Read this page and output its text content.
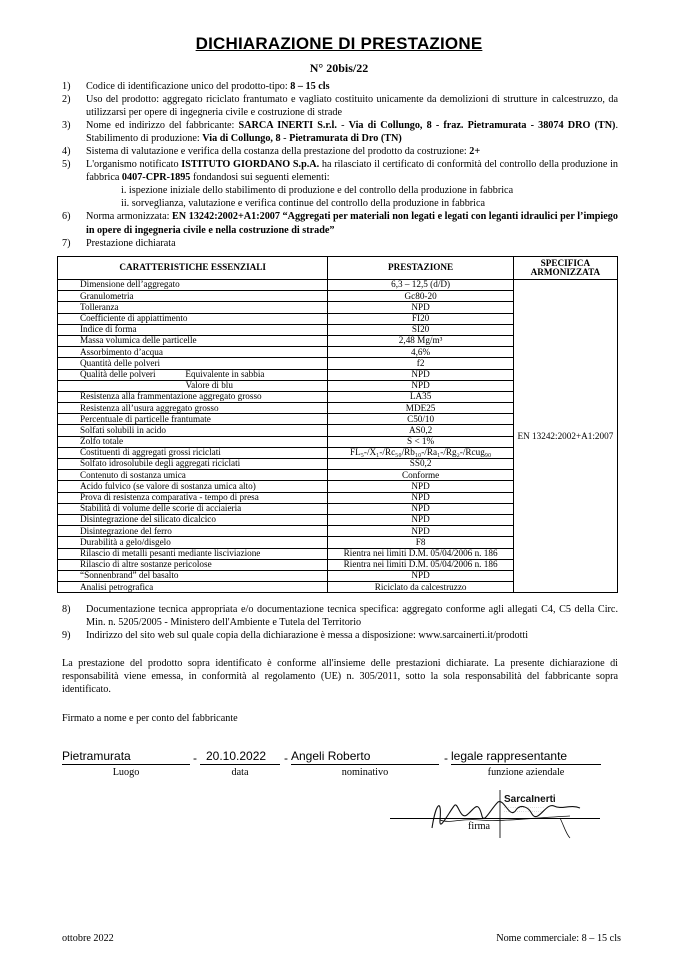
DICHIARAZIONE DI PRESTAZIONE
N° 20bis/22
1)	Codice di identificazione unico del prodotto-tipo: 8 – 15 cls
2)	Uso del prodotto: aggregato riciclato frantumato e vagliato costituito unicamente da demolizioni di strutture in calcestruzzo, da utilizzarsi per opere di ingegneria civile e costruzione di strade
3)	Nome ed indirizzo del fabbricante: SARCA INERTI S.r.l. - Via di Collungo, 8 - fraz. Pietramurata - 38074 DRO (TN). Stabilimento di produzione: Via di Collungo, 8 - Pietramurata di Dro (TN)
4)	Sistema di valutazione e verifica della costanza della prestazione del prodotto da costruzione: 2+
5)	L'organismo notificato ISTITUTO GIORDANO S.p.A. ha rilasciato il certificato di conformità del controllo della produzione in fabbrica 0407-CPR-1895 fondandosi sui seguenti elementi:
i. ispezione iniziale dello stabilimento di produzione e del controllo della produzione in fabbrica
ii. sorveglianza, valutazione e verifica continue del controllo della produzione in fabbrica
6)	Norma armonizzata: EN 13242:2002+A1:2007 “Aggregati per materiali non legati e legati con leganti idraulici per l’impiego in opere di ingegneria civile e nella costruzione di strade”
7)	Prestazione dichiarata
CARATTERISTICHE ESSENZIALI	PRESTAZIONE	SPECIFICA ARMONIZZATA
Dimensione dell’aggregato	6,3 – 12,5 (d/D)	EN 13242:2002+A1:2007
Granulometria	Gc80-20	
Tolleranza	NPD	
Coefficiente di appiattimento	FI20	
Indice di forma	SI20	
Massa volumica delle particelle	2,48 Mg/m³	
Assorbimento d’acqua	4,6%	
Quantità delle polveri	f2	
Qualità delle polveri             Equivalente in sabbia	NPD	
Valore di blu	NPD	
Resistenza alla frammentazione aggregato grosso	LA35	
Resistenza all’usura aggregato grosso	MDE25	
Percentuale di particelle frantumate	C50/10	
Solfati solubili in acido	AS0,2	
Zolfo totale	S < 1%	
Costituenti di aggregati grossi riciclati	FL₅-/X₁-/Rc₅₀/Rb₁₀-/Ra₁-/Rg₂-/Rcug₉₀	
Solfato idrosolubile degli aggregati riciclati	SS0,2	
Contenuto di sostanza umica	Conforme	
Acido fulvico (se valore di sostanza umica alto)	NPD	
Prova di resistenza comparativa - tempo di presa	NPD	
Stabilità di volume delle scorie di acciaieria	NPD	
Disintegrazione del silicato dicalcico	NPD	
Disintegrazione del ferro	NPD	
Durabilità a gelo/disgelo	F8	
Rilascio di metalli pesanti mediante lisciviazione	Rientra nei limiti D.M. 05/04/2006 n. 186	
Rilascio di altre sostanze pericolose	Rientra nei limiti D.M. 05/04/2006 n. 186	
“Sonnenbrand” del basalto	NPD	
Analisi petrografica	Riciclato da calcestruzzo	
8)	Documentazione tecnica appropriata e/o documentazione tecnica specifica: aggregato conforme agli allegati C4, C5 della Circ. Min. n. 5205/2005 - Ministero dell'Ambiente e Tutela del Territorio
9)	Indirizzo del sito web sul quale copia della dichiarazione è messa a disposizione: www.sarcainerti.it/prodotti
La prestazione del prodotto sopra identificato è conforme all'insieme delle prestazioni dichiarate. La presente dichiarazione di responsabilità viene emessa, in conformità al regolamento (UE) n. 305/2011, sotto la sola responsabilità del fabbricante sopra identificato.
Firmato a nome e per conto del fabbricante
Pietramurata	- 20.10.2022	- Angeli Roberto	- legale rappresentante
Luogo	data	nominativo	funzione aziendale
SarcaInerti
· · · · · · · · · · · · · · · · · · ·
· · · · · · · · · · · · · · · · · · ·
firma
ottobre 2022	Nome commerciale: 8 – 15 cls
